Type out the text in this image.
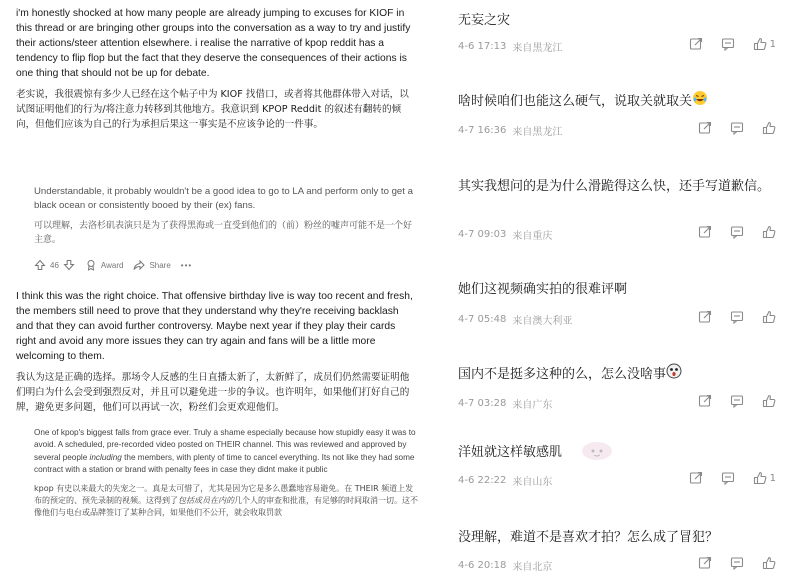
i'm honestly shocked at how many people are already jumping to excuses for KIOF in this thread or are bringing other groups into the conversation as a way to try and justify their actions/steer attention elsewhere. i realise the narrative of kpop reddit has a tendency to flip flop but the fact that they deserve the consequences of their actions is one thing that should not be up for debate.
老实说，我很震惊有多少人已经在这个帖子中为 KIOF 找借口，或者将其他群体带入对话，以试图证明他们的行为/将注意力转移到其他地方。我意识到 KPOP Reddit 的叙述有翻转的倾向，但他们应该为自己的行为承担后果这一事实是不应该争论的一件事。
Understandable, it probably wouldn't be a good idea to go to LA and perform only to get a black ocean or consistently booed by their (ex) fans.
可以理解，去洛杉矶表演只是为了获得黑海或一直受到他们的（前）粉丝的嘘声可能不是一个好主意。
46	Award	Share •••
I think this was the right choice. That offensive birthday live is way too recent and fresh, the members still need to prove that they understand why they're receiving backlash and that they can avoid further controversy. Maybe next year if they play their cards right and avoid any more issues they can try again and fans will be a little more welcoming to them.
我认为这是正确的选择。那场令人反感的生日直播太新了，太新鲜了，成员们仍然需要证明他们明白为什么会受到强烈反对，并且可以避免进一步的争议。也许明年，如果他们打好自己的牌，避免更多问题，他们可以再试一次，粉丝们会更欢迎他们。
One of kpop's biggest falls from grace ever. Truly a shame especially because how stupidly easy it was to avoid. A scheduled, pre-recorded video posted on THEIR channel. This was reviewed and approved by several people including the members, with plenty of time to cancel everything. Its not like they had some contract with a station or brand with penalty fees in case they didnt make it public
kpop 有史以来最大的失宠之一。真是太可惜了，尤其是因为它是多么愚蠢地容易避免。在 THEIR 频道上发布的预定的、预先录制的视频。这得到了包括成员在内的几个人的审查和批准，有足够的时间取消一切。这不像他们与电台或品牌签订了某种合同，如果他们不公开，就会收取罚款
无妄之灾
4-6 17:13 来自黑龙江	1
啥时候咱们也能这么硬气，说取关就取关
4-7 16:36 来自黑龙江
其实我想问的是为什么滑跪得这么快，还手写道歉信。
4-7 09:03 来自重庆
她们这视频确实拍的很难评啊
4-7 05:48 来自澳大利亚
国内不是挺多这种的么，怎么没啥事
4-7 03:28 来自广东
洋妞就这样敏感肌
4-6 22:22 来自山东	1
没理解，难道不是喜欢才拍？怎么成了冒犯？
4-6 20:18 来自北京
